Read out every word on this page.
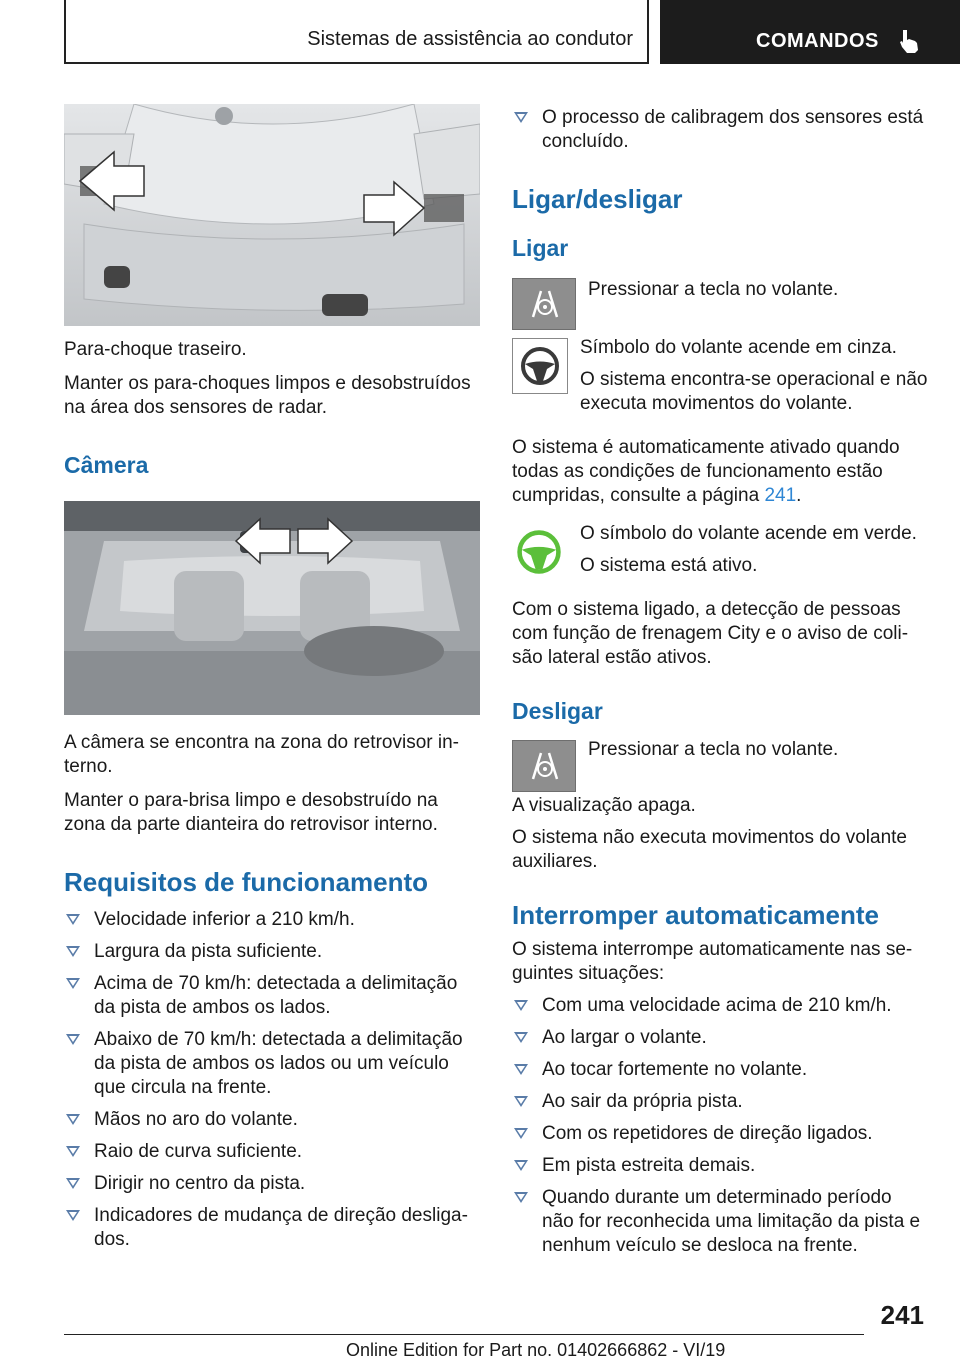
Sistemas de assistência ao condutor	COMANDOS

Para-choque traseiro.

Manter os para-choques limpos e desobstruídos na área dos sensores de radar.

Câmera

A câmera se encontra na zona do retrovisor interno.

Manter o para-brisa limpo e desobstruído na zona da parte dianteira do retrovisor interno.

Requisitos de funcionamento

Velocidade inferior a 210 km/h.
Largura da pista suficiente.
Acima de 70 km/h: detectada a delimitação da pista de ambos os lados.
Abaixo de 70 km/h: detectada a delimitação da pista de ambos os lados ou um veículo que circula na frente.
Mãos no aro do volante.
Raio de curva suficiente.
Dirigir no centro da pista.
Indicadores de mudança de direção desligados.
O processo de calibragem dos sensores está concluído.

Ligar/desligar

Ligar

Pressionar a tecla no volante.

Símbolo do volante acende em cinza.

O sistema encontra-se operacional e não executa movimentos do volante.

O sistema é automaticamente ativado quando todas as condições de funcionamento estão cumpridas, consulte a página 241.

O símbolo do volante acende em verde.

O sistema está ativo.

Com o sistema ligado, a detecção de pessoas com função de frenagem City e o aviso de colisão lateral estão ativos.

Desligar

Pressionar a tecla no volante.

A visualização apaga.

O sistema não executa movimentos do volante auxiliares.

Interromper automaticamente

O sistema interrompe automaticamente nas seguintes situações:

Com uma velocidade acima de 210 km/h.
Ao largar o volante.
Ao tocar fortemente no volante.
Ao sair da própria pista.
Com os repetidores de direção ligados.
Em pista estreita demais.
Quando durante um determinado período não for reconhecida uma limitação da pista e nenhum veículo se desloca na frente.
241
Online Edition for Part no. 01402666862 - VI/19
